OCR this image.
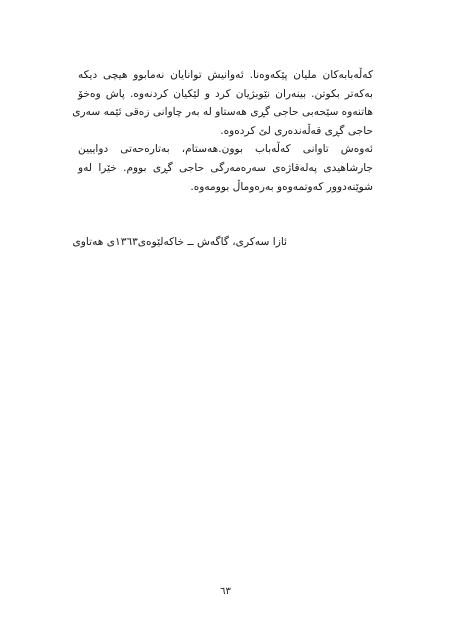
کەڵەبابەکان ملیان پێکەوەنا. ئەوانیش توانایان نەمابوو هیچی دیکە
بەکەتر بکوتن. بینەران نێوبژیان کرد و لێکیان کردنەوە. پاش وەخۆ
هاتنەوە سێحەبی حاجی گڕی هەستاو لە بەر چاوانی زەقی ئێمە سەری
حاجی گڕی قەڵەندەری لێ کردەوە.
ئەوەش تاوانی کەڵەباب بوون.هەستام، بەتارەحەتی دواییین
جارشاهیدی پەلەقاژەی سەرەمەرگی حاجی گڕی بووم. خێرا لەو
شوێنەدوور کەوتمەوەو بەرەوماڵ بوومەوە.
ئازا سەکری، گاگەش ــ خاکەلێوەی١٣٦٣ی هەتاوی
٦٣
